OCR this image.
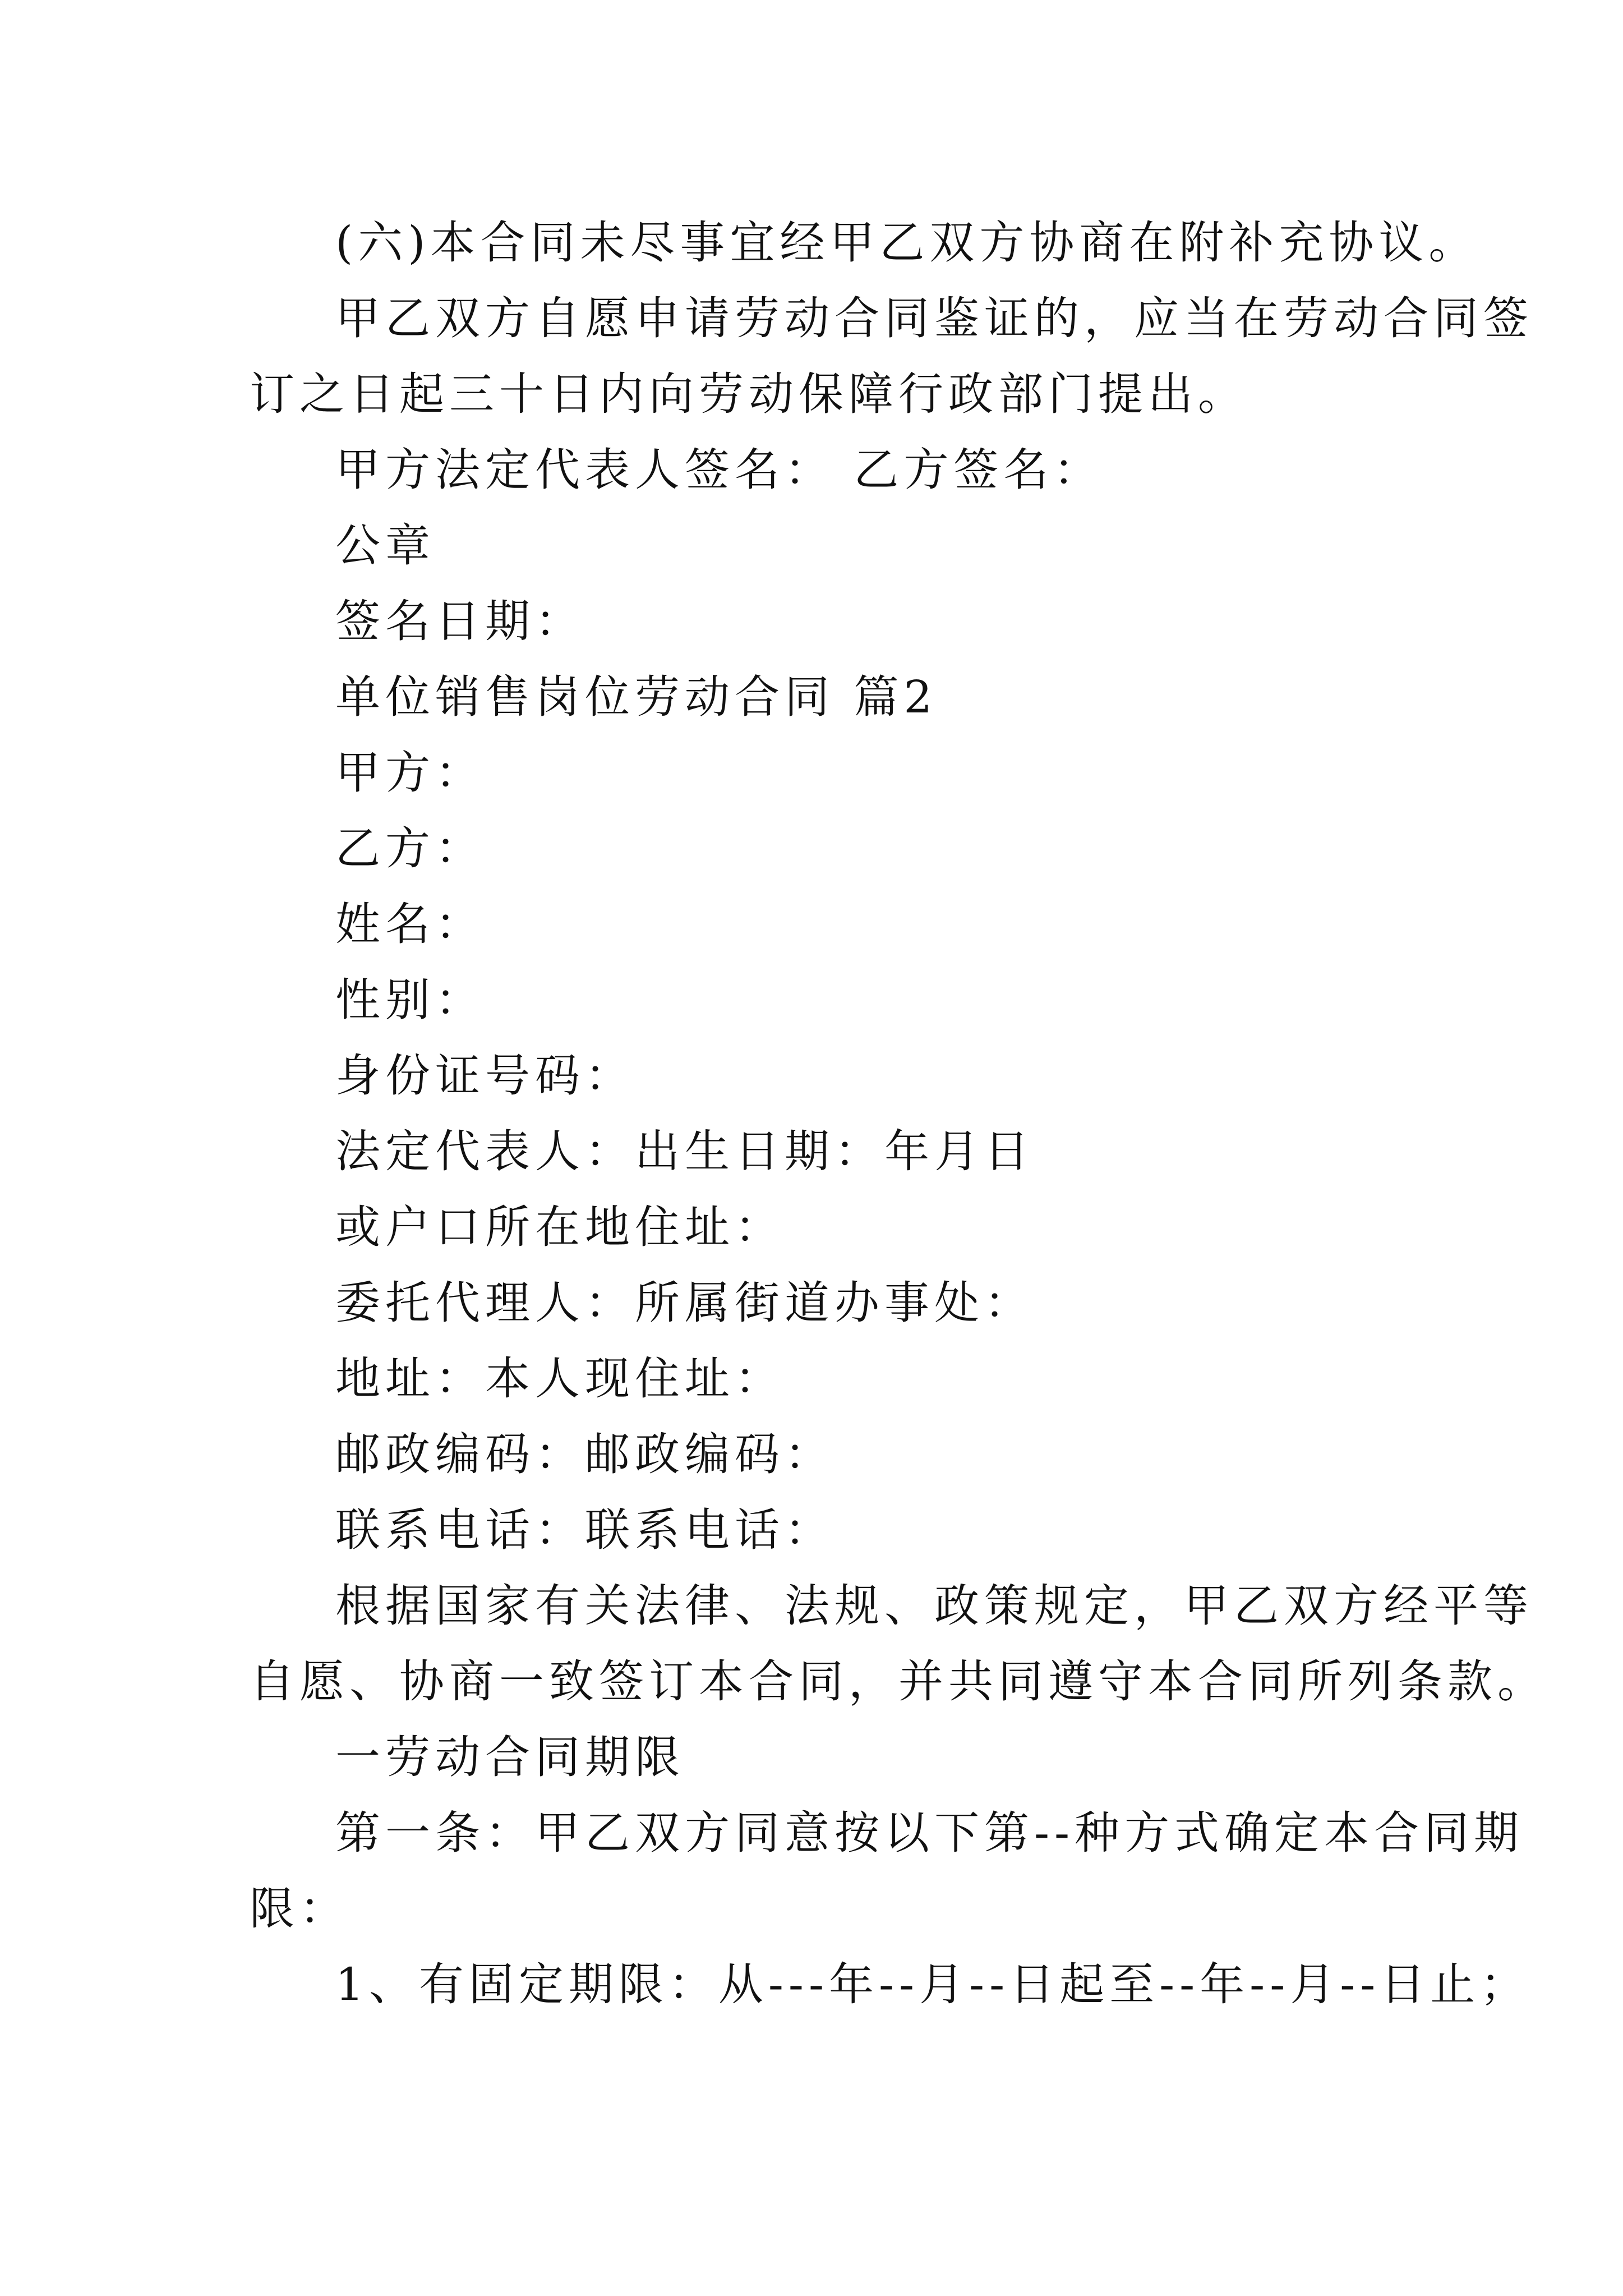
(六)本合同未尽事宜经甲乙双方协商在附补充协议。
甲乙双方自愿申请劳动合同鉴证的，应当在劳动合同签
订之日起三十日内向劳动保障行政部门提出。
甲方法定代表人签名： 乙方签名：
公章
签名日期：
单位销售岗位劳动合同 篇2
甲方：
乙方：
姓名：
性别：
身份证号码：
法定代表人：出生日期：年月日
或户口所在地住址：
委托代理人：所属街道办事处：
地址：本人现住址：
邮政编码：邮政编码：
联系电话：联系电话：
根据国家有关法律、法规、政策规定，甲乙双方经平等
自愿、协商一致签订本合同，并共同遵守本合同所列条款。
一劳动合同期限
第一条：甲乙双方同意按以下第--种方式确定本合同期
限：
1、有固定期限：从---年--月--日起至--年--月--日止；
